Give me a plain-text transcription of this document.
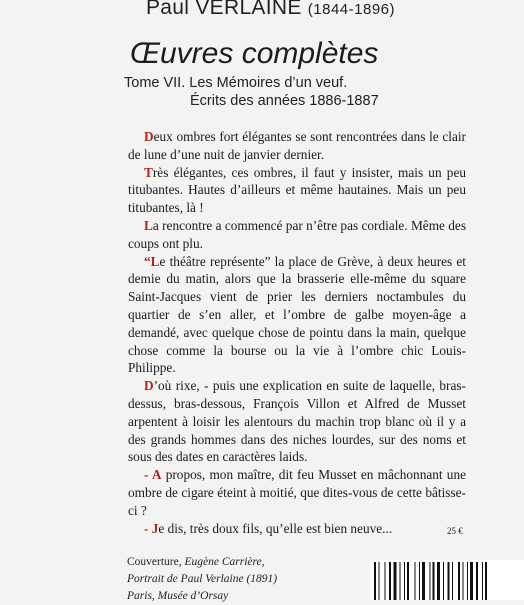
Paul VERLAINE (1844-1896)
Œuvres complètes
Tome VII. Les Mémoires d’un veuf.
Écrits des années 1886-1887

Deux ombres fort élégantes se sont rencontrées dans le clair de lune d’une nuit de janvier dernier.

Très élégantes, ces ombres, il faut y insister, mais un peu titubantes. Hautes d’ailleurs et même hautaines. Mais un peu titubantes, là !

La rencontre a commencé par n’être pas cordiale. Même des coups ont plu.

“Le théâtre représente” la place de Grève, à deux heures et demie du matin, alors que la brasserie elle-même du square Saint-Jacques vient de prier les derniers noctambules du quartier de s’en aller, et l’ombre de galbe moyen-âge a demandé, avec quelque chose de pointu dans la main, quelque chose comme la bourse ou la vie à l’ombre chic Louis-Philippe.

D’où rixe, - puis une explication en suite de laquelle, bras-dessus, bras-dessous, François Villon et Alfred de Musset arpentent à loisir les alentours du machin trop blanc où il y a des grands hommes dans des niches lourdes, sur des noms et sous des dates en caractères laids.

- A propos, mon maître, dit feu Musset en mâchonnant une ombre de cigare éteint à moitié, que dites-vous de cette bâtisse-ci ?

- Je dis, très doux fils, qu’elle est bien neuve...	25 €
Couverture, Eugène Carrière,
Portrait de Paul Verlaine (1891)
Paris, Musée d’Orsay
